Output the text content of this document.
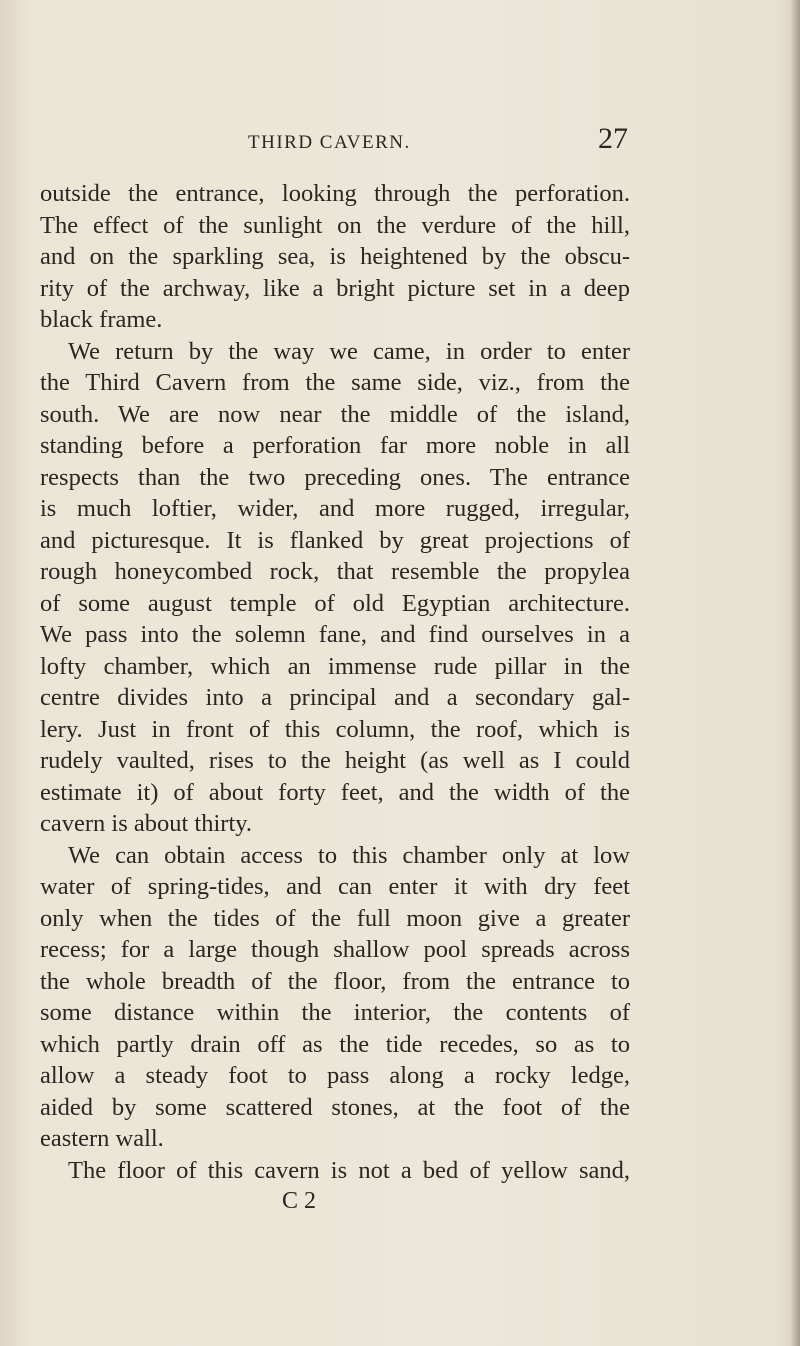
THIRD CAVERN.	27
outside the entrance, looking through the perforation.
The effect of the sunlight on the verdure of the hill,
and on the sparkling sea, is heightened by the obscu-
rity of the archway, like a bright picture set in a deep
black frame.
We return by the way we came, in order to enter
the Third Cavern from the same side, viz., from the
south. We are now near the middle of the island,
standing before a perforation far more noble in all
respects than the two preceding ones. The entrance
is much loftier, wider, and more rugged, irregular,
and picturesque. It is flanked by great projections of
rough honeycombed rock, that resemble the propylea
of some august temple of old Egyptian architecture.
We pass into the solemn fane, and find ourselves in a
lofty chamber, which an immense rude pillar in the
centre divides into a principal and a secondary gal-
lery. Just in front of this column, the roof, which is
rudely vaulted, rises to the height (as well as I could
estimate it) of about forty feet, and the width of the
cavern is about thirty.
We can obtain access to this chamber only at low
water of spring-tides, and can enter it with dry feet
only when the tides of the full moon give a greater
recess; for a large though shallow pool spreads across
the whole breadth of the floor, from the entrance to
some distance within the interior, the contents of
which partly drain off as the tide recedes, so as to
allow a steady foot to pass along a rocky ledge,
aided by some scattered stones, at the foot of the
eastern wall.
The floor of this cavern is not a bed of yellow sand,
C 2
